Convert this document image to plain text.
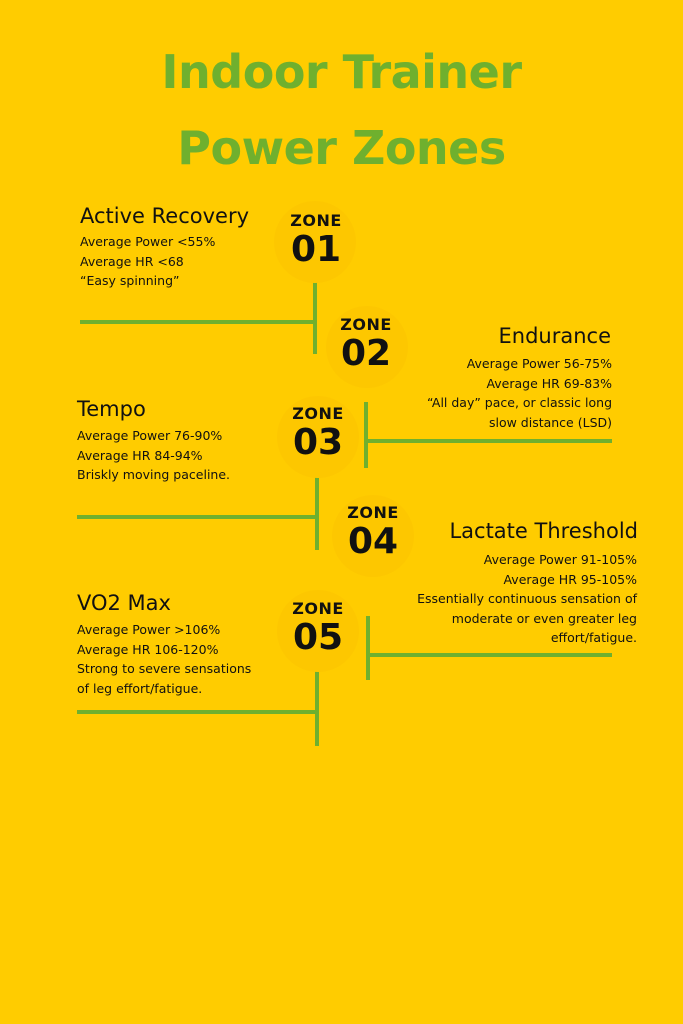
Indoor Trainer
Power Zones
ZONE
01
Active Recovery
Average Power <55%
Average HR <68
“Easy spinning”
ZONE
02	Endurance
Average Power 56-75%
Average HR 69-83%
“All day” pace, or classic long
slow distance (LSD)
ZONE
03
Tempo
Average Power 76-90%
Average HR 84-94%
Briskly moving paceline.
ZONE
04	Lactate Threshold
Average Power 91-105%
Average HR 95-105%
Essentially continuous sensation of
moderate or even greater leg
effort/fatigue.
ZONE
05
VO2 Max
Average Power >106%
Average HR 106-120%
Strong to severe sensations
of leg effort/fatigue.
